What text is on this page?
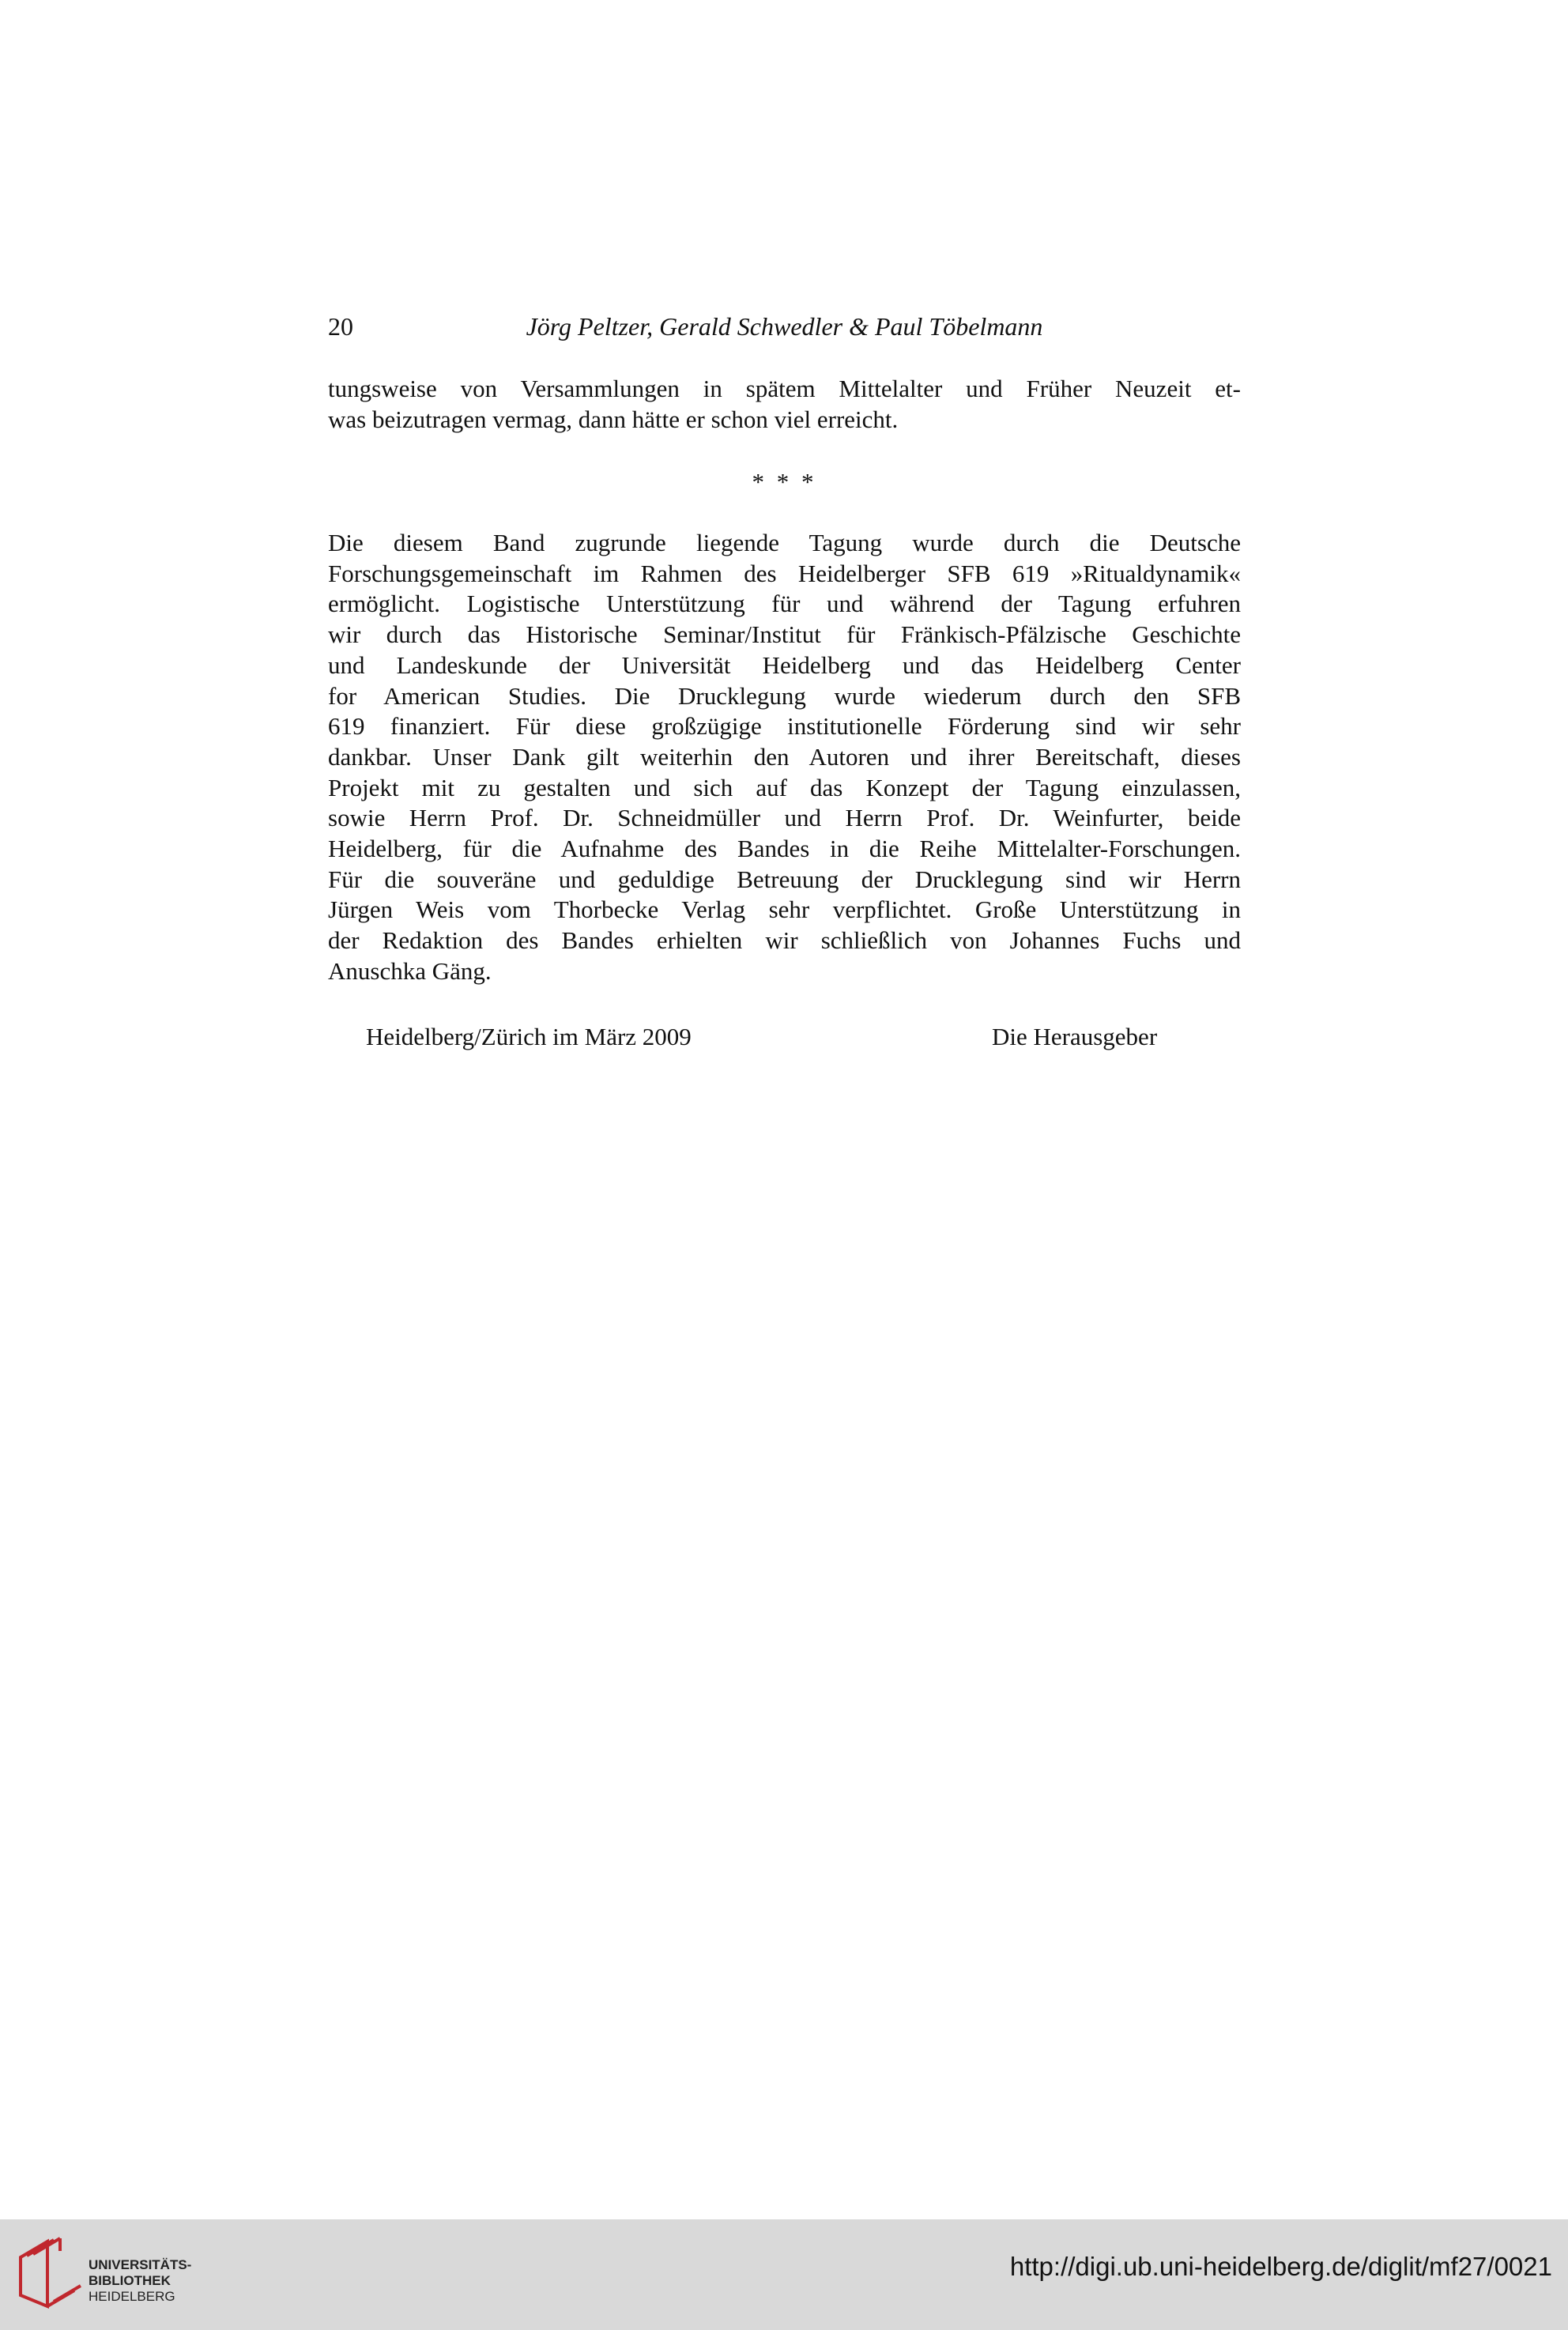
20	Jörg Peltzer, Gerald Schwedler & Paul Töbelmann
tungsweise von Versammlungen in spätem Mittelalter und Früher Neuzeit et-
was beizutragen vermag, dann hätte er schon viel erreicht.
* * *
Die diesem Band zugrunde liegende Tagung wurde durch die Deutsche
Forschungsgemeinschaft im Rahmen des Heidelberger SFB 619 »Ritualdynamik«
ermöglicht. Logistische Unterstützung für und während der Tagung erfuhren
wir durch das Historische Seminar/Institut für Fränkisch-Pfälzische Geschichte
und Landeskunde der Universität Heidelberg und das Heidelberg Center
for American Studies. Die Drucklegung wurde wiederum durch den SFB
619 finanziert. Für diese großzügige institutionelle Förderung sind wir sehr
dankbar. Unser Dank gilt weiterhin den Autoren und ihrer Bereitschaft, dieses
Projekt mit zu gestalten und sich auf das Konzept der Tagung einzulassen,
sowie Herrn Prof. Dr. Schneidmüller und Herrn Prof. Dr. Weinfurter, beide
Heidelberg, für die Aufnahme des Bandes in die Reihe Mittelalter-Forschungen.
Für die souveräne und geduldige Betreuung der Drucklegung sind wir Herrn
Jürgen Weis vom Thorbecke Verlag sehr verpflichtet. Große Unterstützung in
der Redaktion des Bandes erhielten wir schließlich von Johannes Fuchs und
Anuschka Gäng.
Heidelberg/Zürich im März 2009	Die Herausgeber
UNIVERSITÄTS-
BIBLIOTHEK
HEIDELBERG
http://digi.ub.uni-heidelberg.de/diglit/mf27/0021
